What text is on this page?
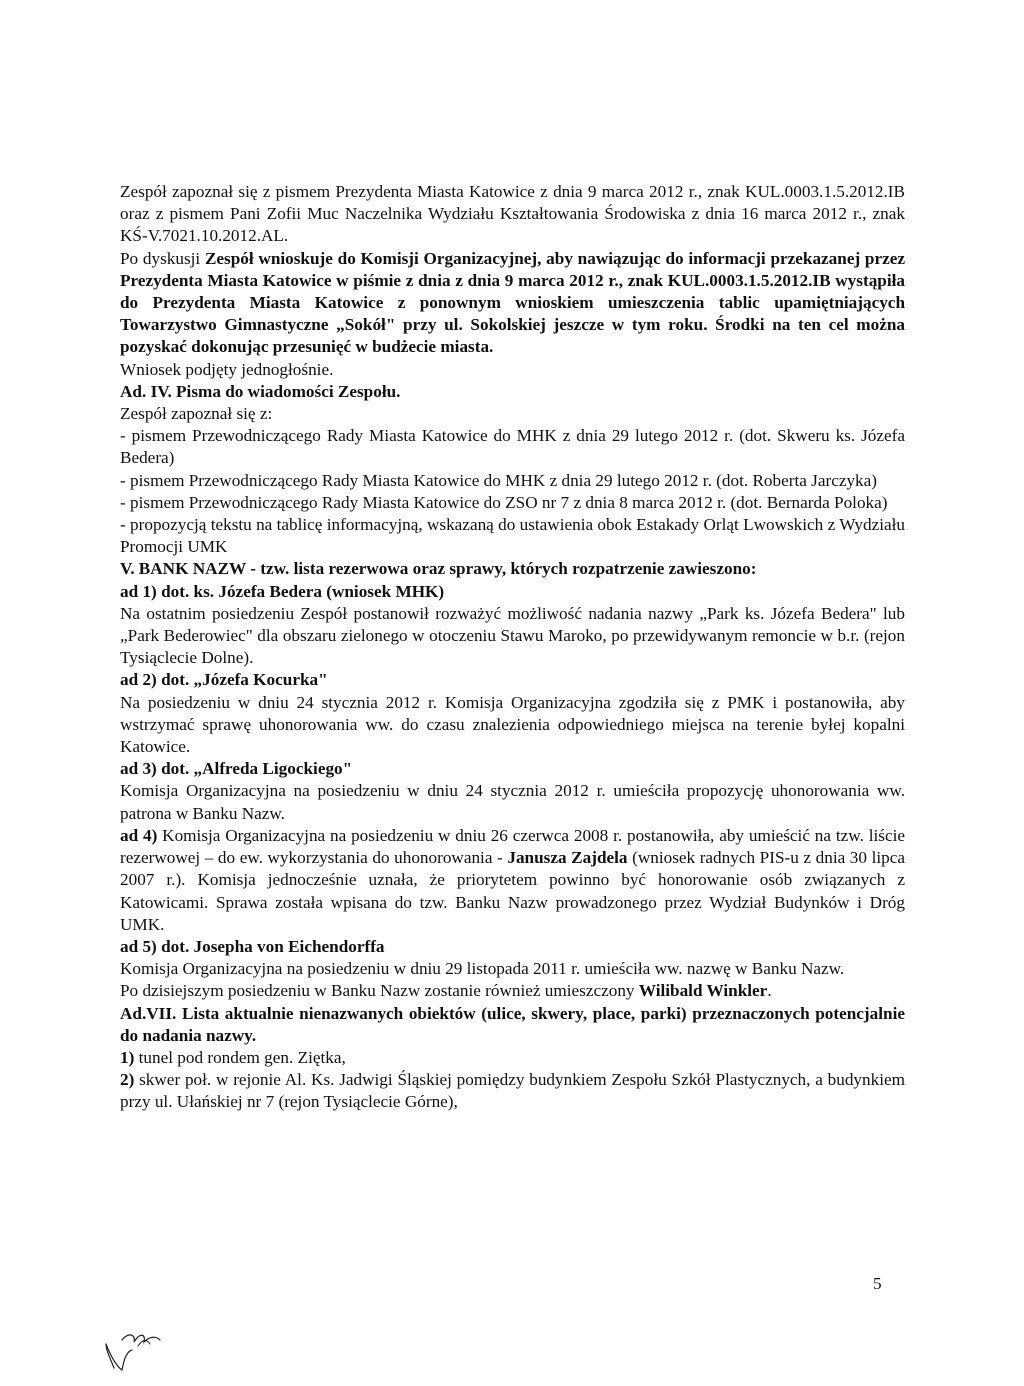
Zespół zapoznał się z pismem Prezydenta Miasta Katowice z dnia 9 marca 2012 r., znak KUL.0003.1.5.2012.IB oraz z pismem Pani Zofii Muc Naczelnika Wydziału Kształtowania Środowiska z dnia 16 marca 2012 r., znak KŚ-V.7021.10.2012.AL.

Po dyskusji Zespół wnioskuje do Komisji Organizacyjnej, aby nawiązując do informacji przekazanej przez Prezydenta Miasta Katowice w piśmie z dnia z dnia 9 marca 2012 r., znak KUL.0003.1.5.2012.IB wystąpiła do Prezydenta Miasta Katowice z ponownym wnioskiem umieszczenia tablic upamiętniających Towarzystwo Gimnastyczne „Sokół" przy ul. Sokolskiej jeszcze w tym roku. Środki na ten cel można pozyskać dokonując przesunięć w budżecie miasta.

Wniosek podjęty jednogłośnie.

Ad. IV. Pisma do wiadomości Zespołu.

Zespół zapoznał się z:

- pismem Przewodniczącego Rady Miasta Katowice do MHK z dnia 29 lutego 2012 r. (dot. Skweru ks. Józefa Bedera)

- pismem Przewodniczącego Rady Miasta Katowice do MHK z dnia 29 lutego 2012 r. (dot. Roberta Jarczyka)

- pismem Przewodniczącego Rady Miasta Katowice do ZSO nr 7 z dnia 8 marca 2012 r. (dot. Bernarda Poloka)

- propozycją tekstu na tablicę informacyjną, wskazaną do ustawienia obok Estakady Orląt Lwowskich z Wydziału Promocji UMK

V. BANK NAZW - tzw. lista rezerwowa oraz sprawy, których rozpatrzenie zawieszono:

ad 1) dot. ks. Józefa Bedera (wniosek MHK)

Na ostatnim posiedzeniu Zespół postanowił rozważyć możliwość nadania nazwy „Park ks. Józefa Bedera" lub „Park Bederowiec" dla obszaru zielonego w otoczeniu Stawu Maroko, po przewidywanym remoncie w b.r. (rejon Tysiąclecie Dolne).

ad 2) dot. „Józefa Kocurka"

Na posiedzeniu w dniu 24 stycznia 2012 r. Komisja Organizacyjna zgodziła się z PMK i postanowiła, aby wstrzymać sprawę uhonorowania ww. do czasu znalezienia odpowiedniego miejsca na terenie byłej kopalni Katowice.

ad 3) dot. „Alfreda Ligockiego"

Komisja Organizacyjna na posiedzeniu w dniu 24 stycznia 2012 r. umieściła propozycję uhonorowania ww. patrona w Banku Nazw.

ad 4) Komisja Organizacyjna na posiedzeniu w dniu 26 czerwca 2008 r. postanowiła, aby umieścić na tzw. liście rezerwowej – do ew. wykorzystania do uhonorowania - Janusza Zajdela (wniosek radnych PIS-u z dnia 30 lipca 2007 r.). Komisja jednocześnie uznała, że priorytetem powinno być honorowanie osób związanych z Katowicami. Sprawa została wpisana do tzw. Banku Nazw prowadzonego przez Wydział Budynków i Dróg UMK.

ad 5) dot. Josepha von Eichendorffa

Komisja Organizacyjna na posiedzeniu w dniu 29 listopada 2011 r. umieściła ww. nazwę w Banku Nazw.

Po dzisiejszym posiedzeniu w Banku Nazw zostanie również umieszczony Wilibald Winkler.

Ad.VII. Lista aktualnie nienazwanych obiektów (ulice, skwery, place, parki) przeznaczonych potencjalnie do nadania nazwy.

1) tunel pod rondem gen. Ziętka,

2) skwer poł. w rejonie Al. Ks. Jadwigi Śląskiej pomiędzy budynkiem Zespołu Szkół Plastycznych, a budynkiem przy ul. Ułańskiej nr 7 (rejon Tysiąclecie Górne),

5
